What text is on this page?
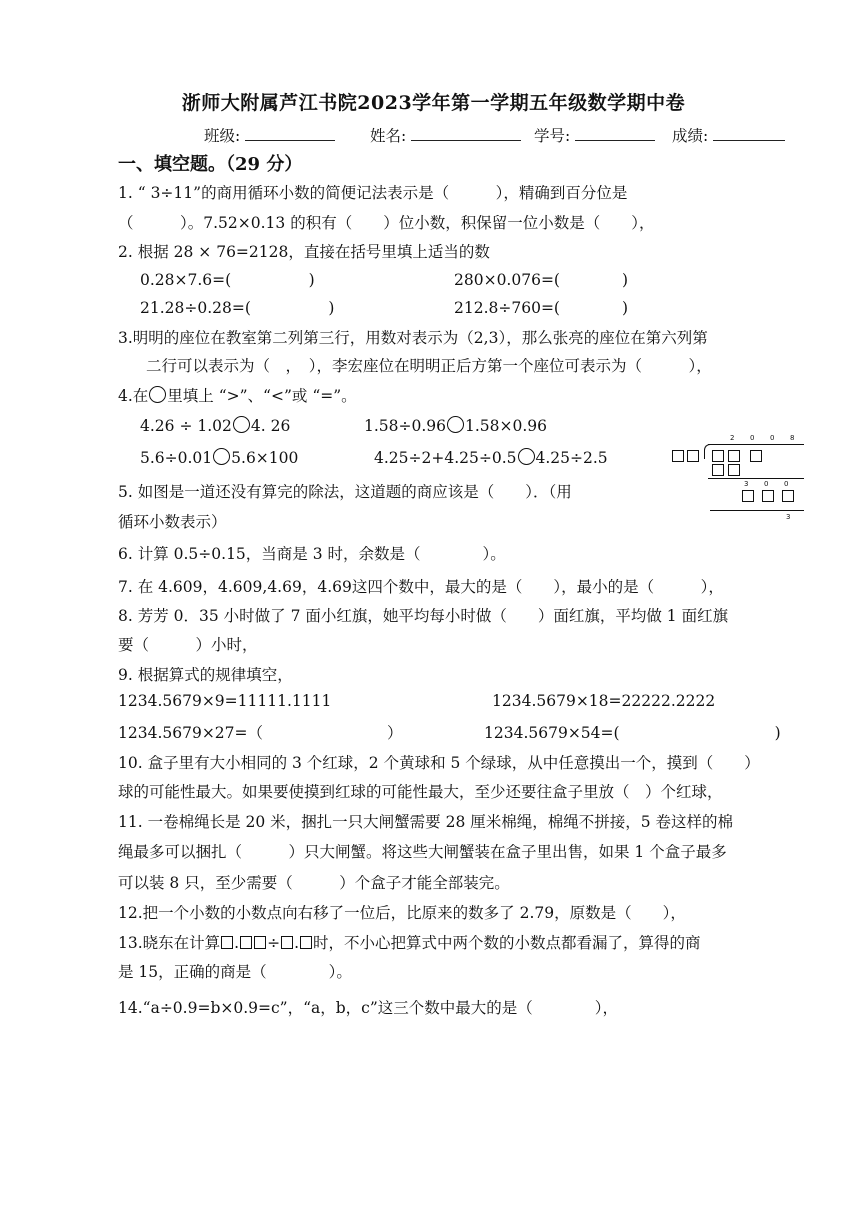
浙师大附属芦江书院2023学年第一学期五年级数学期中卷
班级:	姓名:	学号:	成绩:
一、填空题。（29 分）
1. “ 3÷11”的商用循环小数的简便记法表示是（　　　），精确到百分位是
（　　　）。7.52×0.13 的积有（　　）位小数，积保留一位小数是（　　），
2. 根据 28 × 76=2128，直接在括号里填上适当的数
0.28×7.6=(　　　　　)	280×0.076=(　　　　)
21.28÷0.28=(　　　　　)	212.8÷760=(　　　　)
3.明明的座位在教室第二列第三行，用数对表示为（2,3），那么张亮的座位在第六列第
二行可以表示为（　，　），李宏座位在明明正后方第一个座位可表示为（　　　），
4.在 里填上 “>”、“<”或 “=”。
4.26 ÷ 1.02 4. 26	1.58÷0.96 1.58×0.96
5.6÷0.01 5.6×100	4.25÷2+4.25÷0.5 4.25÷2.5
2 0 0 8
3 0 0
3
5. 如图是一道还没有算完的除法，这道题的商应该是（　　）．（用
循环小数表示）
6. 计算 0.5÷0.15，当商是 3 时，余数是（　　　　）。
7. 在 4.609，4.609,4.69，4.69这四个数中，最大的是（　　），最小的是（　　　），
8. 芳芳 0．35 小时做了 7 面小红旗，她平均每小时做（　　）面红旗，平均做 1 面红旗
要（　　　）小时，
9. 根据算式的规律填空，
1234.5679×9=11111.1111	1234.5679×18=22222.2222
1234.5679×27=（　　　　　　　　）	1234.5679×54=(　　　　　　　　　　)
10. 盒子里有大小相同的 3 个红球，2 个黄球和 5 个绿球，从中任意摸出一个，摸到（　　）
球的可能性最大。如果要使摸到红球的可能性最大，至少还要往盒子里放（　）个红球，
11. 一卷棉绳长是 20 米，捆扎一只大闸蟹需要 28 厘米棉绳，棉绳不拼接，5 卷这样的棉
绳最多可以捆扎（　　　）只大闸蟹。将这些大闸蟹装在盒子里出售，如果 1 个盒子最多
可以装 8 只，至少需要（　　　）个盒子才能全部装完。
12.把一个小数的小数点向右移了一位后，比原来的数多了 2.79，原数是（　　），
13.晓东在计算 . ÷ . 时，不小心把算式中两个数的小数点都看漏了，算得的商
是 15，正确的商是（　　　　）。
14.“a÷0.9=b×0.9=c”，“a，b，c”这三个数中最大的是（　　　　），
